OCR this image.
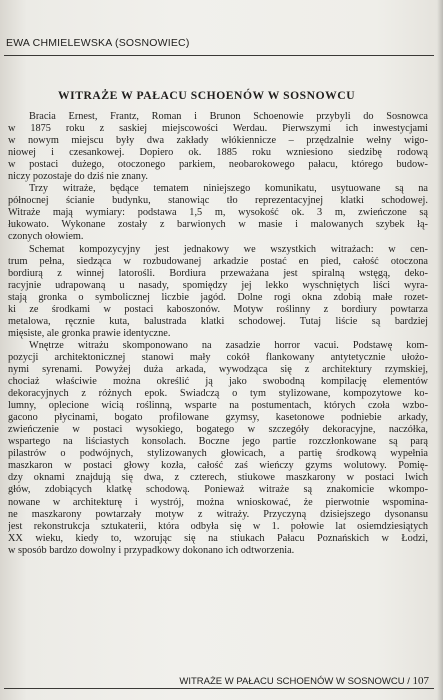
EWA CHMIELEWSKA (SOSNOWIEC)
WITRAŻE W PAŁACU SCHOENÓW W SOSNOWCU
Bracia Ernest, Frantz, Roman i Brunon Schoenowie przybyli do Sosnowca
w 1875 roku z saskiej miejscowości Werdau. Pierwszymi ich inwestycjami
w nowym miejscu były dwa zakłady włókiennicze – przędzalnie wełny wigo-
niowej i czesankowej. Dopiero ok. 1885 roku wzniesiono siedzibę rodową
w postaci dużego, otoczonego parkiem, neobarokowego pałacu, którego budow-
niczy pozostaje do dziś nie znany.
Trzy witraże, będące tematem niniejszego komunikatu, usytuowane są na
północnej ścianie budynku, stanowiąc tło reprezentacyjnej klatki schodowej.
Witraże mają wymiary: podstawa 1,5 m, wysokość ok. 3 m, zwieńczone są
łukowato. Wykonane zostały z barwionych w masie i malowanych szybek łą-
czonych ołowiem.
Schemat kompozycyjny jest jednakowy we wszystkich witrażach: w cen-
trum pełna, siedząca w rozbudowanej arkadzie postać en pied, całość otoczona
bordiurą z winnej latorośli. Bordiura przeważana jest spiralną wstęgą, deko-
racyjnie udrapowaną u nasady, spomiędzy jej lekko wyschniętych liści wyra-
stają gronka o symbolicznej liczbie jagód. Dolne rogi okna zdobią małe rozet-
ki ze środkami w postaci kaboszonów. Motyw roślinny z bordiury powtarza
metalowa, ręcznie kuta, balustrada klatki schodowej. Tutaj liście są bardziej
mięsiste, ale gronka prawie identyczne.
Wnętrze witrażu skomponowano na zasadzie horror vacui. Podstawę kom-
pozycji architektonicznej stanowi mały cokół flankowany antytetycznie ułożo-
nymi syrenami. Powyżej duża arkada, wywodząca się z architektury rzymskiej,
chociaż właściwie można określić ją jako swobodną kompilację elementów
dekoracyjnych z różnych epok. Świadczą o tym stylizowane, kompozytowe ko-
lumny, oplecione wicią roślinną, wsparte na postumentach, których czoła wzbo-
gacono płycinami, bogato profilowane gzymsy, kasetonowe podniebie arkady,
zwieńczenie w postaci wysokiego, bogatego w szczegóły dekoracyjne, naczółka,
wspartego na liściastych konsolach. Boczne jego partie rozczłonkowane są parą
pilastrów o podwójnych, stylizowanych głowicach, a partię środkową wypełnia
maszkaron w postaci głowy kozła, całość zaś wieńczy gzyms wolutowy. Pomię-
dzy oknami znajdują się dwa, z czterech, stiukowe maszkarony w postaci lwich
głów, zdobiących klatkę schodową. Ponieważ witraże są znakomicie wkompo-
nowane w architekturę i wystrój, można wnioskować, że pierwotnie wspomina-
ne maszkarony powtarzały motyw z witraży. Przyczyną dzisiejszego dysonansu
jest rekonstrukcja sztukaterii, która odbyła się w 1. połowie lat osiemdziesiątych
XX wieku, kiedy to, wzorując się na stiukach Pałacu Poznańskich w Łodzi,
w sposób bardzo dowolny i przypadkowy dokonano ich odtworzenia.
WITRAŻE W PAŁACU SCHOENÓW W SOSNOWCU / 107
